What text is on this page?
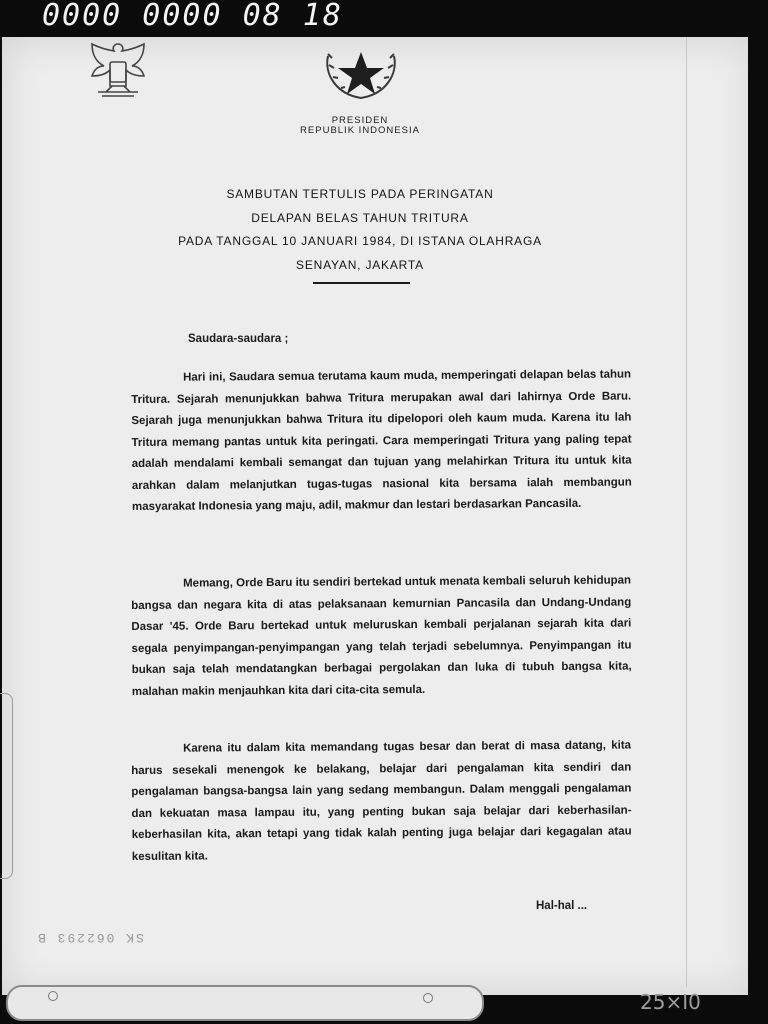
0000 0000 08 18
PRESIDEN
REPUBLIK INDONESIA
SAMBUTAN TERTULIS PADA PERINGATAN
DELAPAN BELAS TAHUN TRITURA
PADA TANGGAL 10 JANUARI 1984, DI ISTANA OLAHRAGA
SENAYAN, JAKARTA
Saudara-saudara ;
Hari ini, Saudara semua terutama kaum muda, memperingati delapan belas tahun Tritura. Sejarah menunjukkan bahwa Tritura merupakan awal dari lahirnya Orde Baru. Sejarah juga menunjukkan bahwa Tritura itu dipelopori oleh kaum muda. Karena itu lah Tritura memang pantas untuk kita peringati. Cara memperingati Tritura yang paling tepat adalah mendalami kembali semangat dan tujuan yang melahirkan Tritura itu untuk kita arahkan dalam melanjutkan tugas-tugas nasional kita bersama ialah membangun masyarakat Indonesia yang maju, adil, makmur dan lestari berdasarkan Pancasila.
Memang, Orde Baru itu sendiri bertekad untuk menata kembali seluruh kehidupan bangsa dan negara kita di atas pelaksanaan kemurnian Pancasila dan Undang-Undang Dasar '45. Orde Baru bertekad untuk meluruskan kembali perjalanan sejarah kita dari segala penyimpangan-penyimpangan yang telah terjadi sebelumnya. Penyimpangan itu bukan saja telah mendatangkan berbagai pergolakan dan luka di tubuh bangsa kita, malahan makin menjauhkan kita dari cita-cita semula.
Karena itu dalam kita memandang tugas besar dan berat di masa datang, kita harus sesekali menengok ke belakang, belajar dari pengalaman kita sendiri dan pengalaman bangsa-bangsa lain yang sedang membangun. Dalam menggali pengalaman dan kekuatan masa lampau itu, yang penting bukan saja belajar dari keberhasilan-keberhasilan kita, akan tetapi yang tidak kalah penting juga belajar dari kegagalan atau kesulitan kita.
Hal-hal ...
SK 062293 B
25×I0
